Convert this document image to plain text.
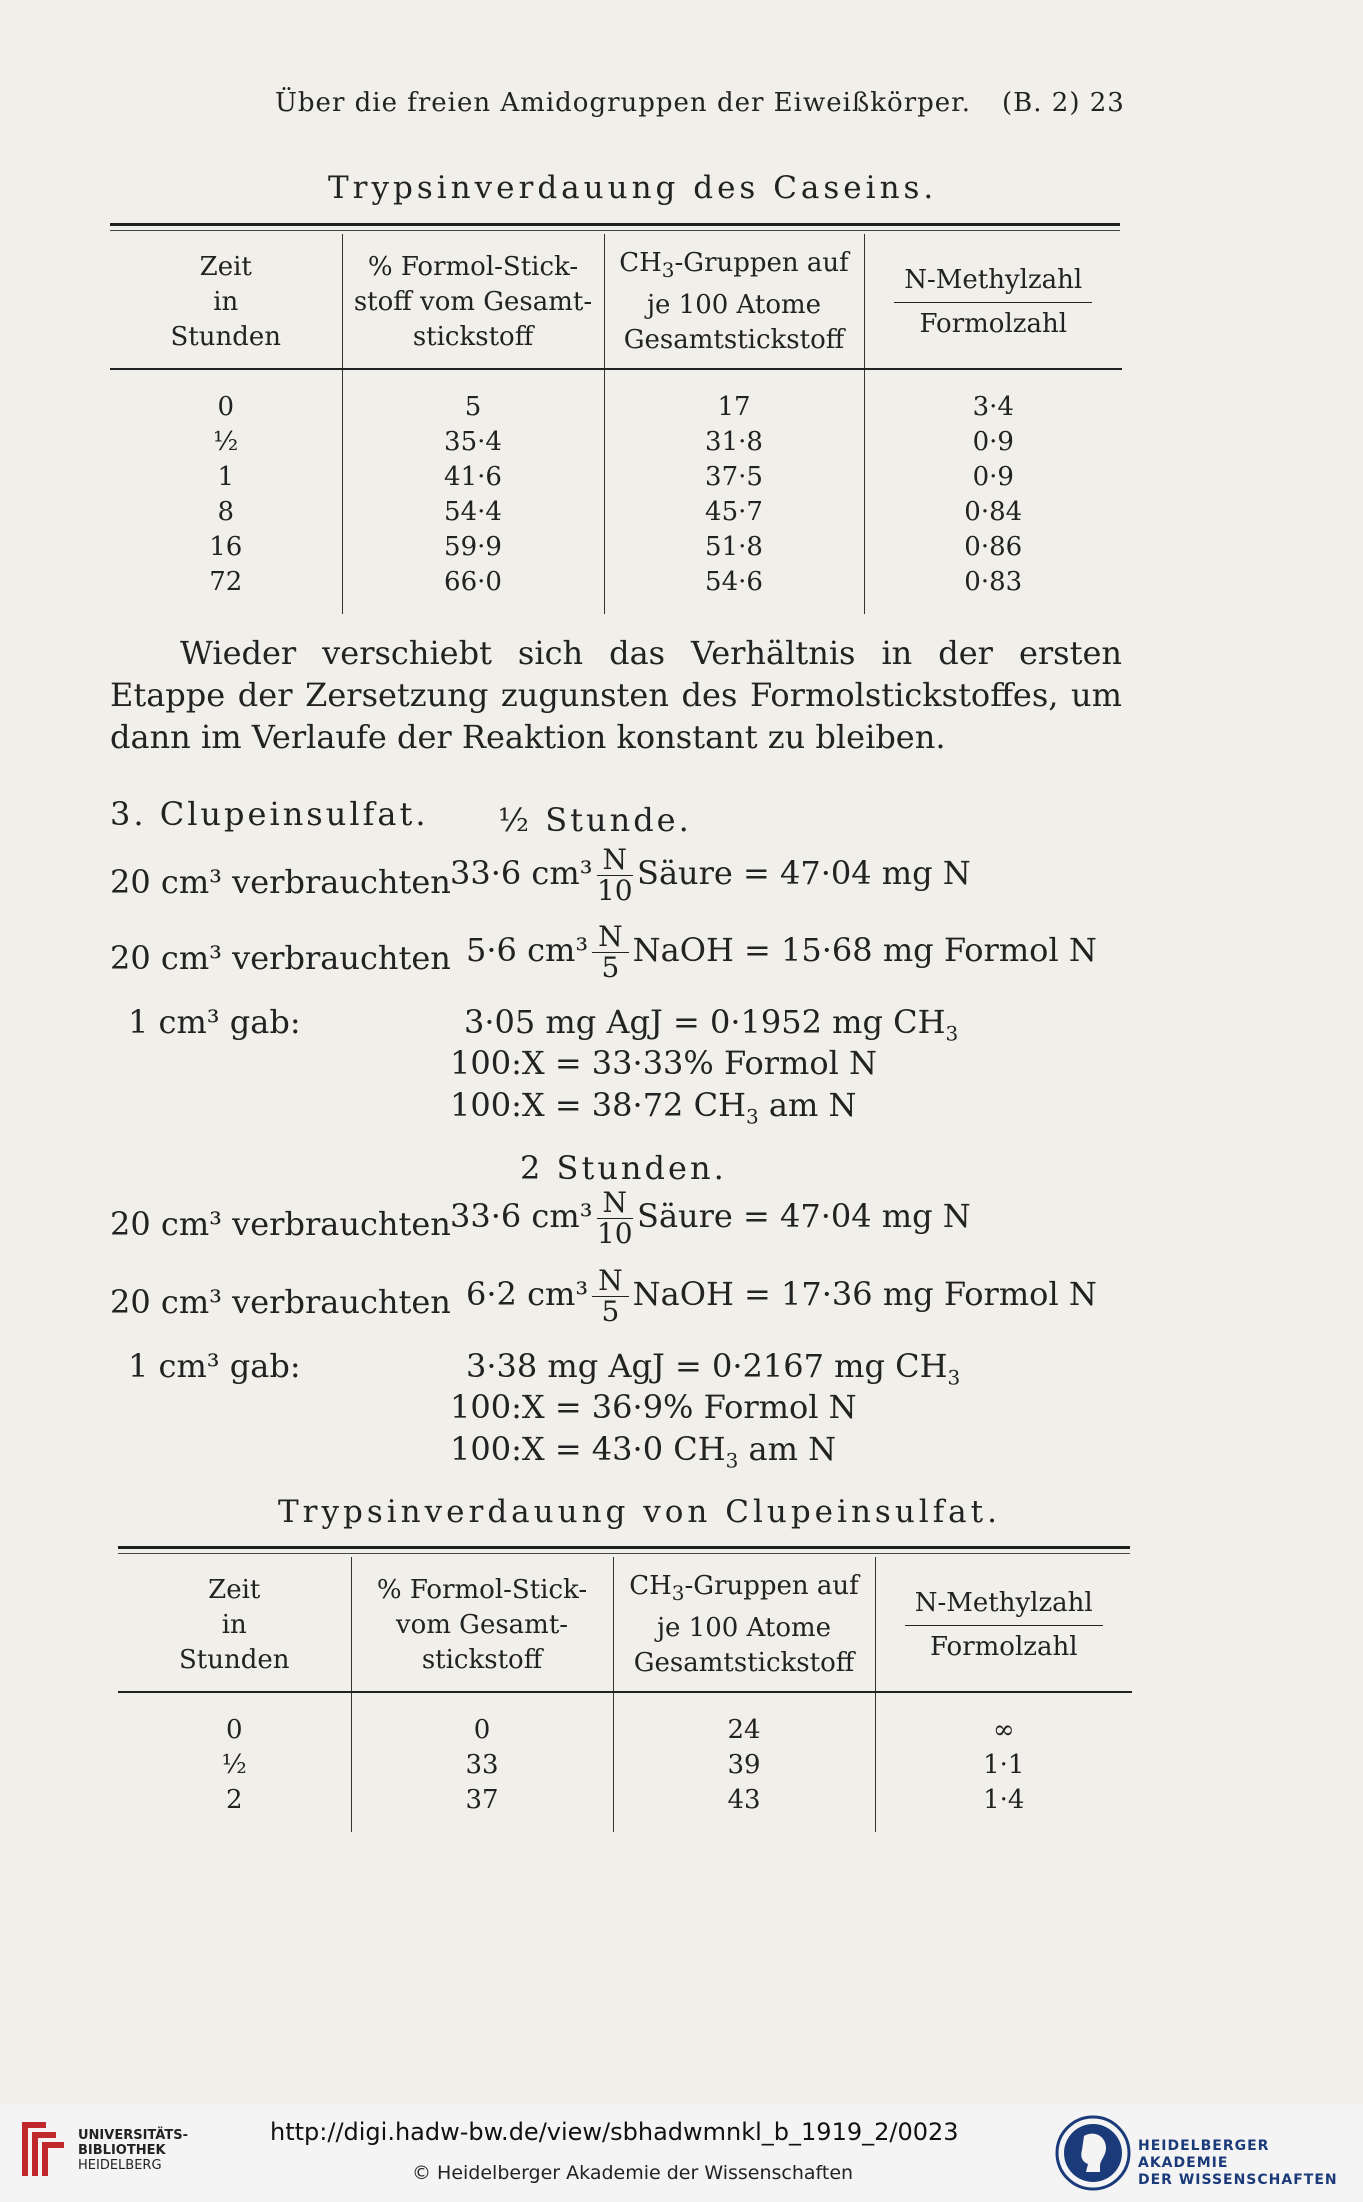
Über die freien Amidogruppen der Eiweißkörper. (B. 2) 23
Trypsinverdauung des Caseins.
Zeit
in
Stunden	% Formol-Stick-
stoff vom Gesamt-
stickstoff	$CH_3$-Gruppen auf
je 100 Atome
Gesamtstickstoff	$\frac{\text{N-Methylzahl}}{\text{Formolzahl}}$

0	5	17	3·4
½	35·4	31·8	0·9
1	41·6	37·5	0·9
8	54·4	45·7	0·84
16	59·9	51·8	0·86
72	66·0	54·6	0·83
Wieder verschiebt sich das Verhältnis in der ersten Etappe der Zersetzung zugunsten des Formolstickstoffes, um dann im Verlaufe der Reaktion konstant zu bleiben.
3. Clupeinsulfat. ½ Stunde.
20 cm³ verbrauchten 33·6 $cm^3 \frac{N}{10}$ Säure = 47·04 mg N
20 cm³ verbrauchten 5·6 $cm^3 \frac{N}{5}$ NaOH = 15·68 mg Formol N
1 cm³ gab:	3·05 mg AgJ = 0·1952 mg $CH_3$
100:X = 33·33% Formol N
100:X = 38·72 $CH_3$ am N
2 Stunden.
20 cm³ verbrauchten 33·6 $cm^3 \frac{N}{10}$ Säure = 47·04 mg N
20 cm³ verbrauchten 6·2 $cm^3 \frac{N}{5}$ NaOH = 17·36 mg Formol N
1 cm³ gab:	3·38 mg AgJ = 0·2167 mg $CH_3$
100:X = 36·9% Formol N
100:X = 43·0 $CH_3$ am N
Trypsinverdauung von Clupeinsulfat.
Zeit
in
Stunden	% Formol-Stick-
vom Gesamt-
stickstoff	$CH_3$-Gruppen auf
je 100 Atome
Gesamtstickstoff	$\frac{\text{N-Methylzahl}}{\text{Formolzahl}}$

0	0	24	∞
½	33	39	1·1
2	37	43	1·4
UNIVERSITÄTS-
BIBLIOTHEK
HEIDELBERG
http://digi.hadw-bw.de/view/sbhadwmnkl_b_1919_2/0023
© Heidelberger Akademie der Wissenschaften
HEIDELBERGER AKADEMIE
DER WISSENSCHAFTEN
